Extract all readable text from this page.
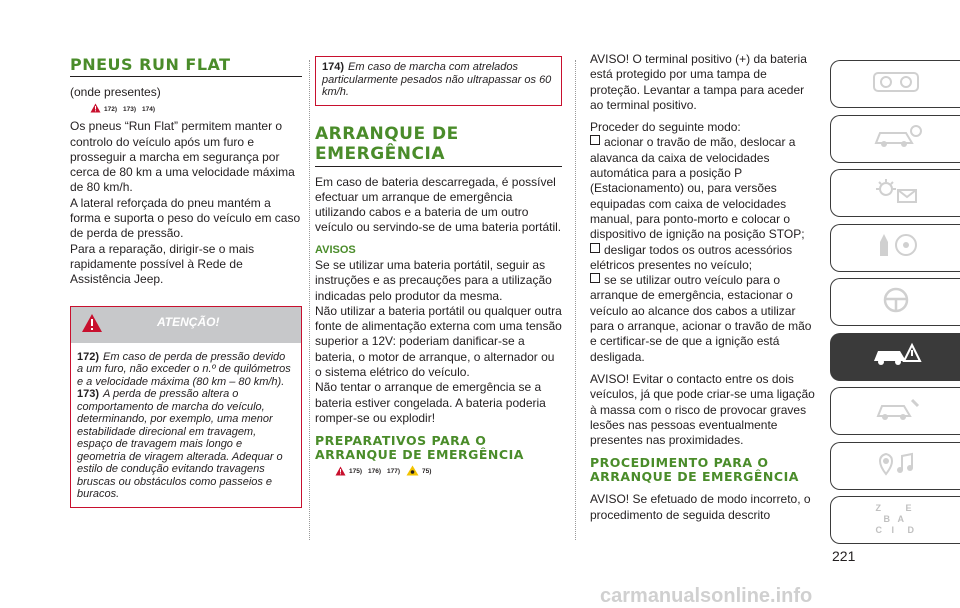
PNEUS RUN FLAT

(onde presentes)

172) 173) 174)

Os pneus “Run Flat” permitem manter o controlo do veículo após um furo e prosseguir a marcha em segurança por cerca de 80 km a uma velocidade máxima de 80 km/h.

A lateral reforçada do pneu mantém a forma e suporta o peso do veículo em caso de perda de pressão.

Para a reparação, dirigir-se o mais rapidamente possível à Rede de Assistência Jeep.

ATENÇÃO!

172) Em caso de perda de pressão devido a um furo, não exceder o n.º de quilómetros e a velocidade máxima (80 km – 80 km/h).

173) A perda de pressão altera o comportamento de marcha do veículo, determinando, por exemplo, uma menor estabilidade direcional em travagem, espaço de travagem mais longo e geometria de viragem alterada. Adequar o estilo de condução evitando travagens bruscas ou obstáculos como passeios e buracos.

174) Em caso de marcha com atrelados particularmente pesados não ultrapassar os 60 km/h.

ARRANQUE DE EMERGÊNCIA

Em caso de bateria descarregada, é possível efectuar um arranque de emergência utilizando cabos e a bateria de um outro veículo ou servindo-se de uma bateria portátil.

AVISOS

Se se utilizar uma bateria portátil, seguir as instruções e as precauções para a utilização indicadas pelo produtor da mesma.

Não utilizar a bateria portátil ou qualquer outra fonte de alimentação externa com uma tensão superior a 12V: poderiam danificar-se a bateria, o motor de arranque, o alternador ou o sistema elétrico do veículo.

Não tentar o arranque de emergência se a bateria estiver congelada. A bateria poderia romper-se ou explodir!

PREPARATIVOS PARA O ARRANQUE DE EMERGÊNCIA
175) 176) 177)	75)

AVISO! O terminal positivo (+) da bateria está protegido por uma tampa de proteção. Levantar a tampa para aceder ao terminal positivo.

Proceder do seguinte modo:

acionar o travão de mão, deslocar a alavanca da caixa de velocidades automática para a posição P (Estacionamento) ou, para versões equipadas com caixa de velocidades manual, para ponto-morto e colocar o dispositivo de ignição na posição STOP;
desligar todos os outros acessórios elétricos presentes no veículo;
se se utilizar outro veículo para o arranque de emergência, estacionar o veículo ao alcance dos cabos a utilizar para o arranque, acionar o travão de mão e certificar-se de que a ignição está desligada.

AVISO! Evitar o contacto entre os dois veículos, já que pode criar-se uma ligação à massa com o risco de provocar graves lesões nas pessoas eventualmente presentes nas proximidades.

PROCEDIMENTO PARA O ARRANQUE DE EMERGÊNCIA

AVISO! Se efetuado de modo incorreto, o procedimento de seguida descrito	Z	E
B A
C I D
221
carmanualsonline.info
